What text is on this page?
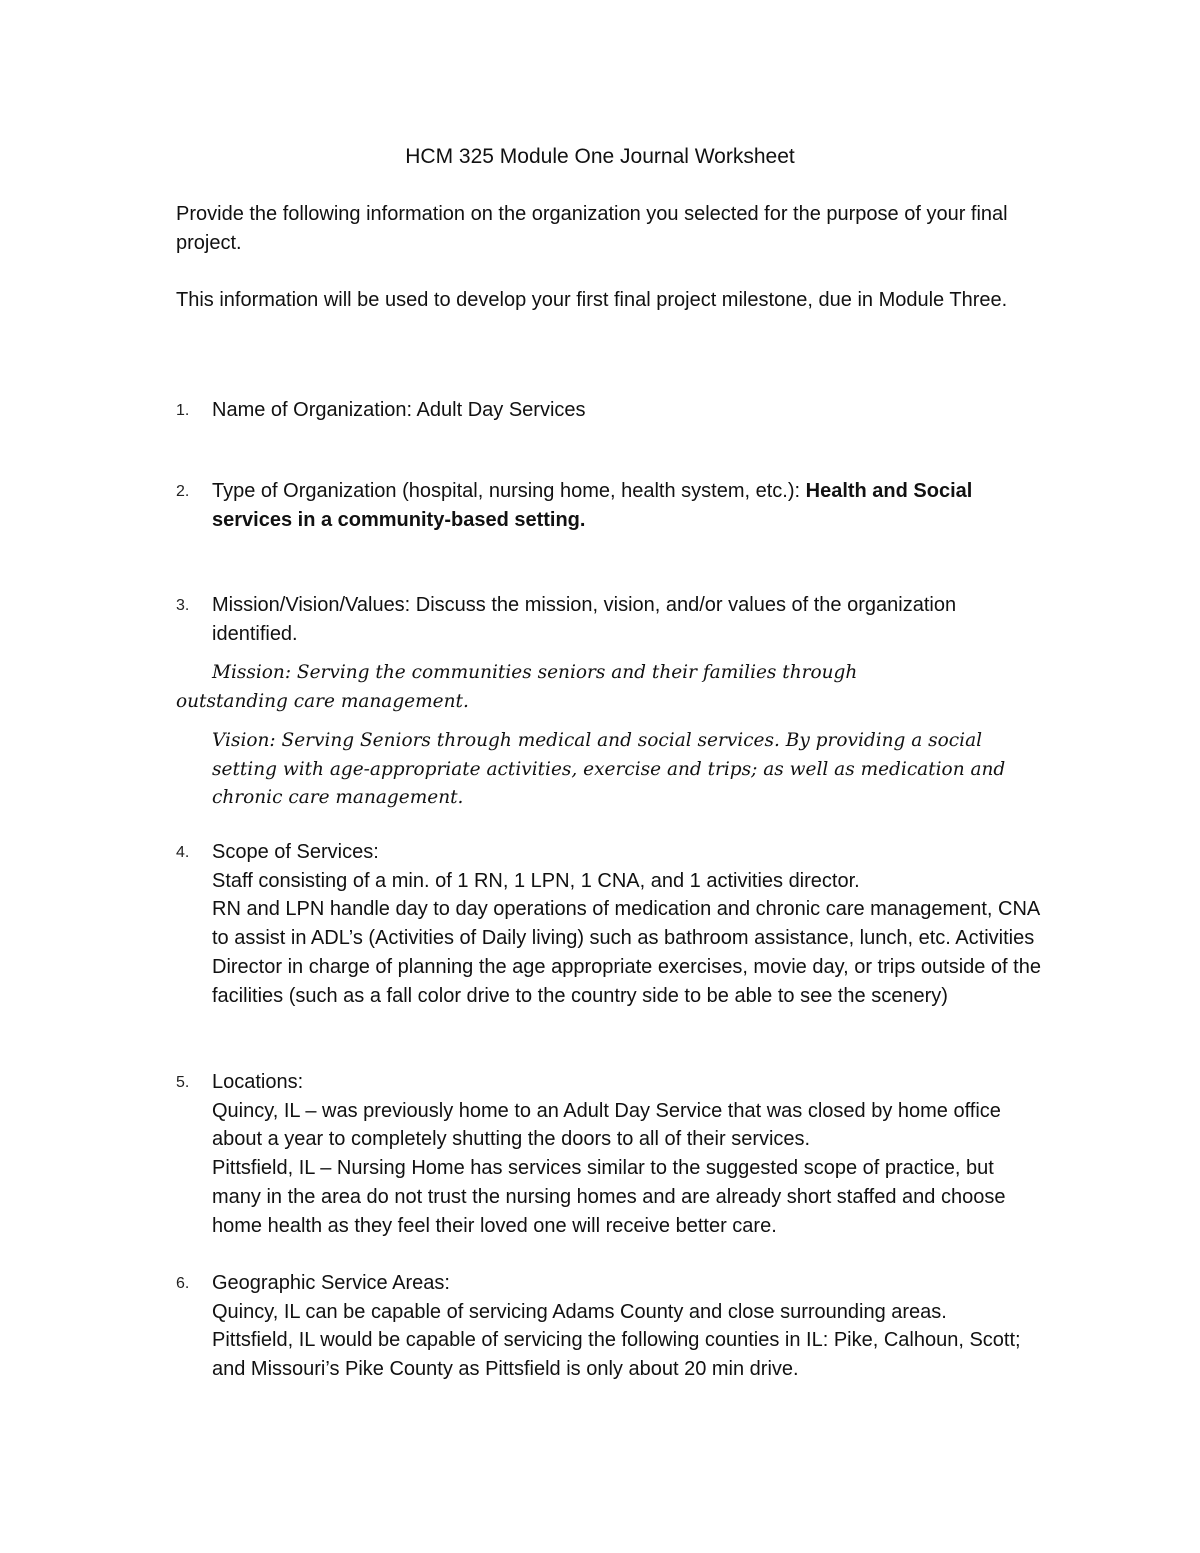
HCM 325 Module One Journal Worksheet

Provide the following information on the organization you selected for the purpose of your final project.

This information will be used to develop your first final project milestone, due in Module Three.

1. Name of Organization: Adult Day Services
2. Type of Organization (hospital, nursing home, health system, etc.): Health and Social services in a community-based setting.
3. Mission/Vision/Values: Discuss the mission, vision, and/or values of the organization identified.
Mission: Serving the communities seniors and their families through
outstanding care management.
Vision: Serving Seniors through medical and social services. By providing a social setting with age-appropriate activities, exercise and trips; as well as medication and chronic care management.
4. Scope of Services:
Staff consisting of a min. of 1 RN, 1 LPN, 1 CNA, and 1 activities director.
RN and LPN handle day to day operations of medication and chronic care management, CNA to assist in ADL’s (Activities of Daily living) such as bathroom assistance, lunch, etc. Activities Director in charge of planning the age appropriate exercises, movie day, or trips outside of the facilities (such as a fall color drive to the country side to be able to see the scenery)
5. Locations:
Quincy, IL – was previously home to an Adult Day Service that was closed by home office about a year to completely shutting the doors to all of their services.
Pittsfield, IL – Nursing Home has services similar to the suggested scope of practice, but many in the area do not trust the nursing homes and are already short staffed and choose home health as they feel their loved one will receive better care.
6. Geographic Service Areas:
Quincy, IL can be capable of servicing Adams County and close surrounding areas.
Pittsfield, IL would be capable of servicing the following counties in IL: Pike, Calhoun, Scott; and Missouri’s Pike County as Pittsfield is only about 20 min drive.
